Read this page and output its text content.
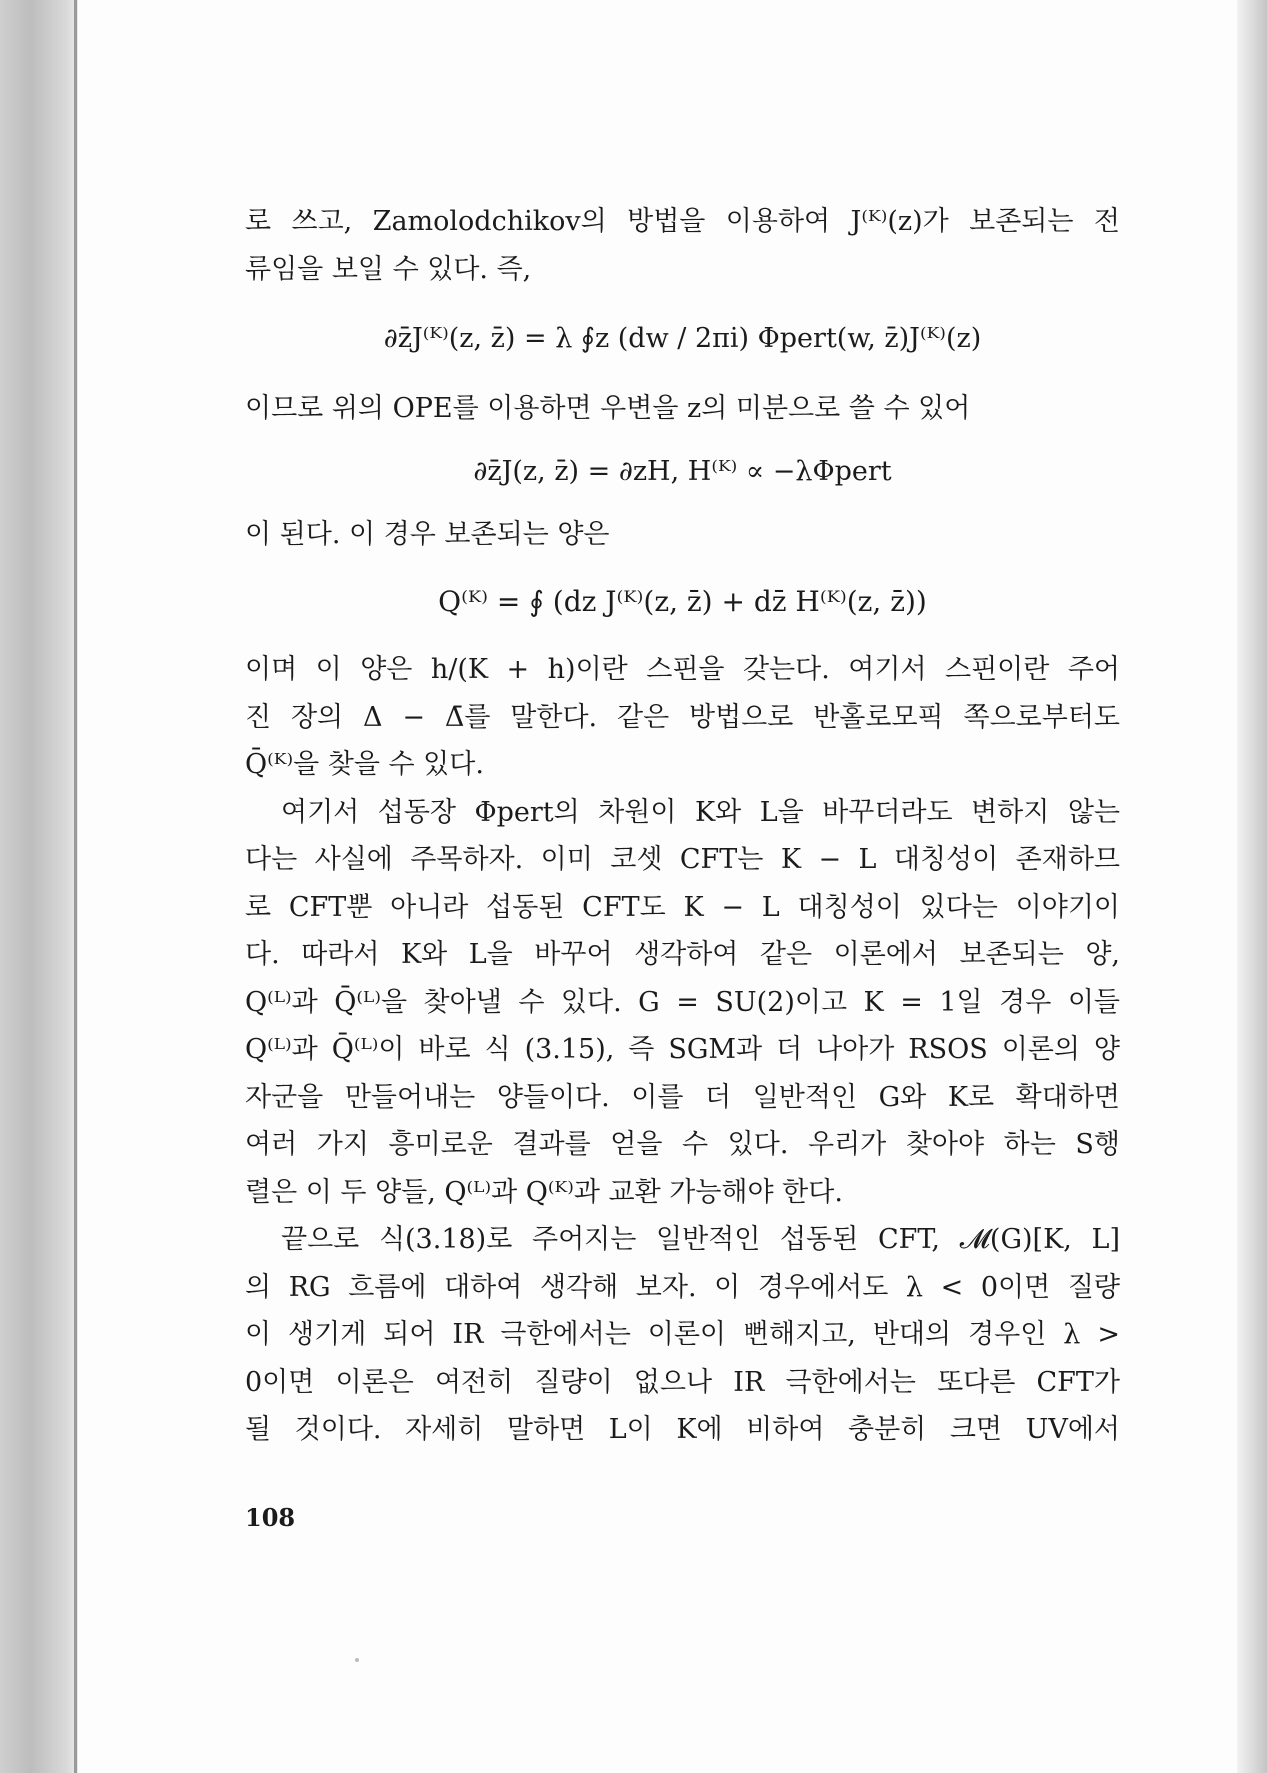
로 쓰고, Zamolodchikov의 방법을 이용하여 J⁽ᴷ⁾(z)가 보존되는 전
류임을 보일 수 있다. 즉,
∂z̄J⁽ᴷ⁾(z, z̄) = λ ∮z (dw / 2πi) Φpert(w, z̄)J⁽ᴷ⁾(z)
이므로 위의 OPE를 이용하면 우변을 z의 미분으로 쓸 수 있어
∂z̄J(z, z̄) = ∂zH, H⁽ᴷ⁾ ∝ −λΦpert
이 된다. 이 경우 보존되는 양은
Q⁽ᴷ⁾ = ∮ (dz J⁽ᴷ⁾(z, z̄) + dz̄ H⁽ᴷ⁾(z, z̄))
이며 이 양은 h/(K + h)이란 스핀을 갖는다. 여기서 스핀이란 주어
진 장의 Δ − Δ̄를 말한다. 같은 방법으로 반홀로모픽 쪽으로부터도
Q̄⁽ᴷ⁾을 찾을 수 있다.
여기서 섭동장 Φpert의 차원이 K와 L을 바꾸더라도 변하지 않는
다는 사실에 주목하자. 이미 코셋 CFT는 K − L 대칭성이 존재하므
로 CFT뿐 아니라 섭동된 CFT도 K − L 대칭성이 있다는 이야기이
다. 따라서 K와 L을 바꾸어 생각하여 같은 이론에서 보존되는 양,
Q⁽ᴸ⁾과 Q̄⁽ᴸ⁾을 찾아낼 수 있다. G = SU(2)이고 K = 1일 경우 이들
Q⁽ᴸ⁾과 Q̄⁽ᴸ⁾이 바로 식 (3.15), 즉 SGM과 더 나아가 RSOS 이론의 양
자군을 만들어내는 양들이다. 이를 더 일반적인 G와 K로 확대하면
여러 가지 흥미로운 결과를 얻을 수 있다. 우리가 찾아야 하는 S행
렬은 이 두 양들, Q⁽ᴸ⁾과 Q⁽ᴷ⁾과 교환 가능해야 한다.
끝으로 식(3.18)로 주어지는 일반적인 섭동된 CFT, 𝓜(G)[K, L]
의 RG 흐름에 대하여 생각해 보자. 이 경우에서도 λ < 0이면 질량
이 생기게 되어 IR 극한에서는 이론이 뻔해지고, 반대의 경우인 λ >
0이면 이론은 여전히 질량이 없으나 IR 극한에서는 또다른 CFT가
될 것이다. 자세히 말하면 L이 K에 비하여 충분히 크면 UV에서
108
